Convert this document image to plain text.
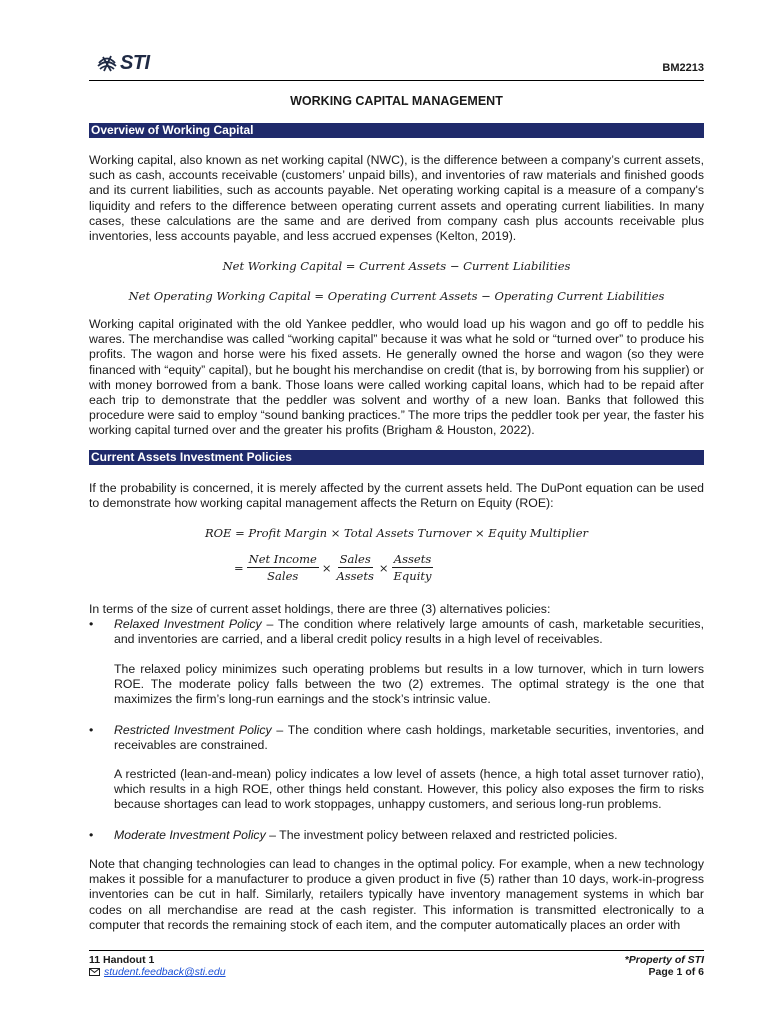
STI	BM2213
WORKING CAPITAL MANAGEMENT
Overview of Working Capital
Working capital, also known as net working capital (NWC), is the difference between a company’s current assets, such as cash, accounts receivable (customers’ unpaid bills), and inventories of raw materials and finished goods and its current liabilities, such as accounts payable. Net operating working capital is a measure of a company's liquidity and refers to the difference between operating current assets and operating current liabilities. In many cases, these calculations are the same and are derived from company cash plus accounts receivable plus inventories, less accounts payable, and less accrued expenses (Kelton, 2019).
Net Working Capital = Current Assets − Current Liabilities
Net Operating Working Capital = Operating Current Assets − Operating Current Liabilities
Working capital originated with the old Yankee peddler, who would load up his wagon and go off to peddle his wares. The merchandise was called “working capital” because it was what he sold or “turned over” to produce his profits. The wagon and horse were his fixed assets. He generally owned the horse and wagon (so they were financed with “equity” capital), but he bought his merchandise on credit (that is, by borrowing from his supplier) or with money borrowed from a bank. Those loans were called working capital loans, which had to be repaid after each trip to demonstrate that the peddler was solvent and worthy of a new loan. Banks that followed this procedure were said to employ “sound banking practices.” The more trips the peddler took per year, the faster his working capital turned over and the greater his profits (Brigham & Houston, 2022).
Current Assets Investment Policies
If the probability is concerned, it is merely affected by the current assets held. The DuPont equation can be used to demonstrate how working capital management affects the Return on Equity (ROE):
ROE = Profit Margin × Total Assets Turnover × Equity Multiplier
= $\frac{\text{Net Income}}{\text{Sales}} \times \frac{\text{Sales}}{\text{Assets}} \times \frac{\text{Assets}}{\text{Equity}}$
In terms of the size of current asset holdings, there are three (3) alternatives policies:
• Relaxed Investment Policy – The condition where relatively large amounts of cash, marketable securities, and inventories are carried, and a liberal credit policy results in a high level of receivables.
The relaxed policy minimizes such operating problems but results in a low turnover, which in turn lowers ROE. The moderate policy falls between the two (2) extremes. The optimal strategy is the one that maximizes the firm’s long-run earnings and the stock’s intrinsic value.
• Restricted Investment Policy – The condition where cash holdings, marketable securities, inventories, and receivables are constrained.
A restricted (lean-and-mean) policy indicates a low level of assets (hence, a high total asset turnover ratio), which results in a high ROE, other things held constant. However, this policy also exposes the firm to risks because shortages can lead to work stoppages, unhappy customers, and serious long-run problems.
• Moderate Investment Policy – The investment policy between relaxed and restricted policies.
Note that changing technologies can lead to changes in the optimal policy. For example, when a new technology makes it possible for a manufacturer to produce a given product in five (5) rather than 10 days, work-in-progress inventories can be cut in half. Similarly, retailers typically have inventory management systems in which bar codes on all merchandise are read at the cash register. This information is transmitted electronically to a computer that records the remaining stock of each item, and the computer automatically places an order with
11 Handout 1
student.feedback@sti.edu
*Property of STI
Page 1 of 6
